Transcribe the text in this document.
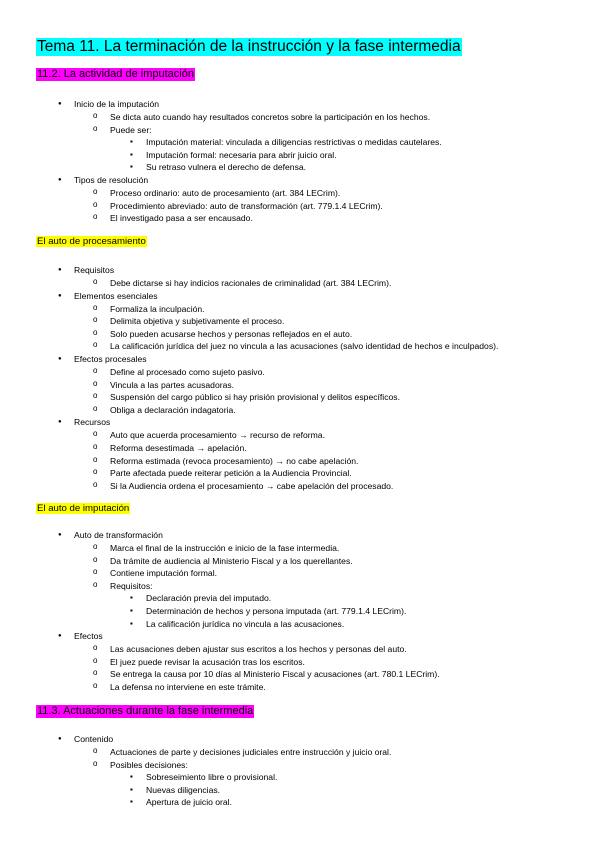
Tema 11. La terminación de la instrucción y la fase intermedia
11.2. La actividad de imputación
● Inicio de la imputación
o Se dicta auto cuando hay resultados concretos sobre la participación en los hechos.
o Puede ser:
▪ Imputación material: vinculada a diligencias restrictivas o medidas cautelares.
▪ Imputación formal: necesaria para abrir juicio oral.
▪ Su retraso vulnera el derecho de defensa.
● Tipos de resolución
o Proceso ordinario: auto de procesamiento (art. 384 LECrim).
o Procedimiento abreviado: auto de transformación (art. 779.1.4 LECrim).
o El investigado pasa a ser encausado.
El auto de procesamiento
● Requisitos
o Debe dictarse si hay indicios racionales de criminalidad (art. 384 LECrim).
● Elementos esenciales
o Formaliza la inculpación.
o Delimita objetiva y subjetivamente el proceso.
o Solo pueden acusarse hechos y personas reflejados en el auto.
o La calificación jurídica del juez no vincula a las acusaciones (salvo identidad de hechos e inculpados).
● Efectos procesales
o Define al procesado como sujeto pasivo.
o Vincula a las partes acusadoras.
o Suspensión del cargo público si hay prisión provisional y delitos específicos.
o Obliga a declaración indagatoria.
● Recursos
o Auto que acuerda procesamiento → recurso de reforma.
o Reforma desestimada → apelación.
o Reforma estimada (revoca procesamiento) → no cabe apelación.
o Parte afectada puede reiterar petición a la Audiencia Provincial.
o Si la Audiencia ordena el procesamiento → cabe apelación del procesado.
El auto de imputación
● Auto de transformación
o Marca el final de la instrucción e inicio de la fase intermedia.
o Da trámite de audiencia al Ministerio Fiscal y a los querellantes.
o Contiene imputación formal.
o Requisitos:
▪ Declaración previa del imputado.
▪ Determinación de hechos y persona imputada (art. 779.1.4 LECrim).
▪ La calificación jurídica no vincula a las acusaciones.
● Efectos
o Las acusaciones deben ajustar sus escritos a los hechos y personas del auto.
o El juez puede revisar la acusación tras los escritos.
o Se entrega la causa por 10 días al Ministerio Fiscal y acusaciones (art. 780.1 LECrim).
o La defensa no interviene en este trámite.
11.3. Actuaciones durante la fase intermedia
● Contenido
o Actuaciones de parte y decisiones judiciales entre instrucción y juicio oral.
o Posibles decisiones:
▪ Sobreseimiento libre o provisional.
▪ Nuevas diligencias.
▪ Apertura de juicio oral.
